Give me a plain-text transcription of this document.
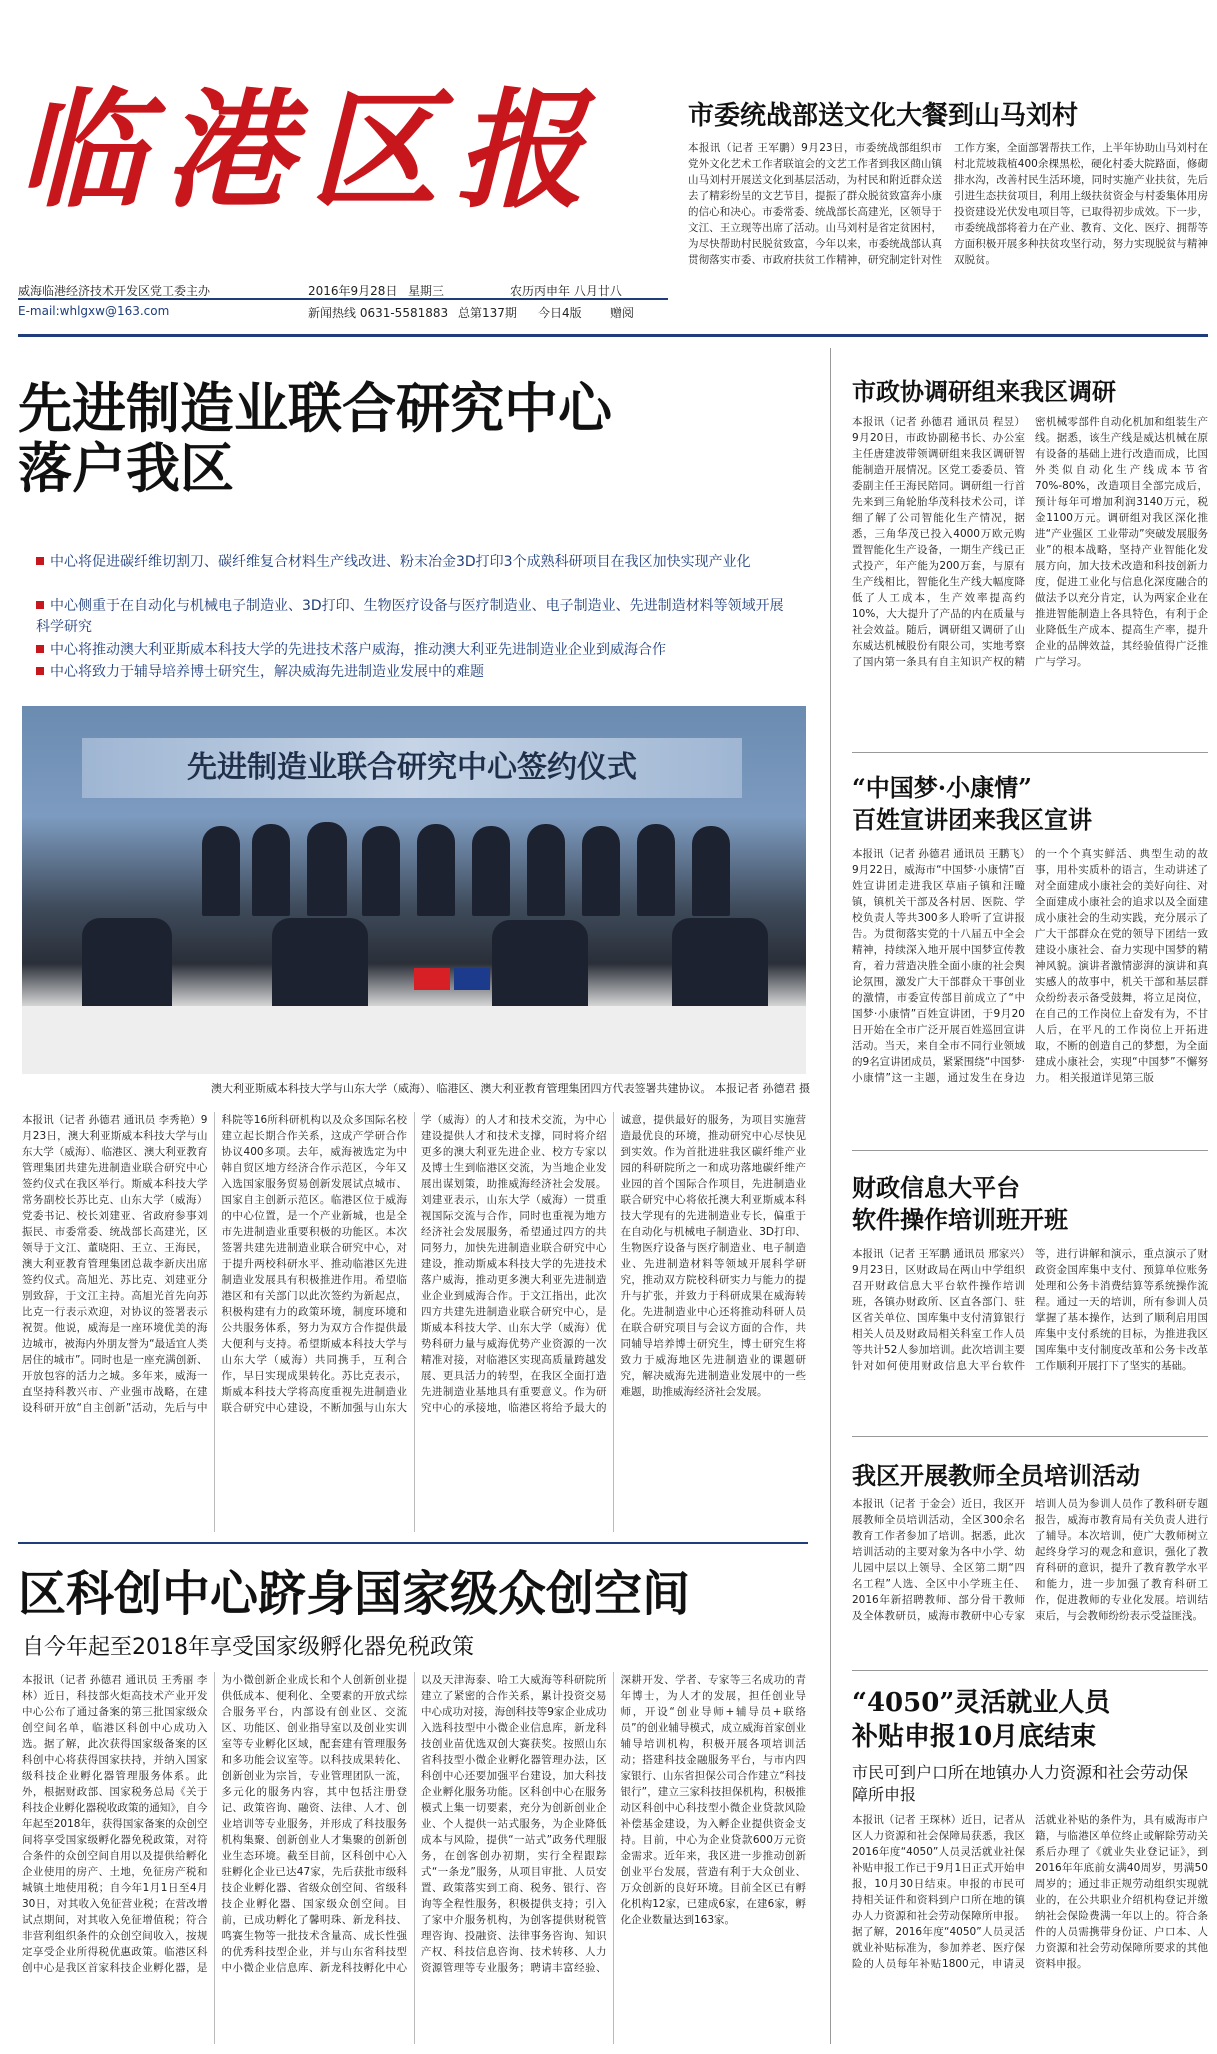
临港区报
威海临港经济技术开发区党工委主办
E-mail:whlgxw@163.com
2016年9月28日 星期三	农历丙申年 八月廿八
新闻热线 0631-5581883 总第137期 今日4版 赠阅
市委统战部送文化大餐到山马刘村
本报讯（记者 王军鹏）9月23日，市委统战部组织市党外文化艺术工作者联谊会的文艺工作者到我区蔄山镇山马刘村开展送文化到基层活动，为村民和附近群众送去了精彩纷呈的文艺节目，提振了群众脱贫致富奔小康的信心和决心。市委常委、统战部长高建光，区领导于文江、王立现等出席了活动。山马刘村是省定贫困村，为尽快帮助村民脱贫致富，今年以来，市委统战部认真贯彻落实市委、市政府扶贫工作精神，研究制定针对性工作方案，全面部署帮扶工作，上半年协助山马刘村在村北荒坡栽植400余棵黑松，硬化村委大院路面，修砌排水沟，改善村民生活环境，同时实施产业扶贫，先后引进生态扶贫项目，利用上级扶贫资金与村委集体用房投资建设光伏发电项目等，已取得初步成效。下一步，市委统战部将着力在产业、教育、文化、医疗、拥帮等方面积极开展多种扶贫攻坚行动，努力实现脱贫与精神双脱贫。
先进制造业联合研究中心
落户我区
中心将促进碳纤维切割刀、碳纤维复合材料生产线改进、粉末冶金3D打印3个成熟科研项目在我区加快实现产业化
中心侧重于在自动化与机械电子制造业、3D打印、生物医疗设备与医疗制造业、电子制造业、先进制造材料等领域开展科学研究
中心将推动澳大利亚斯威本科技大学的先进技术落户威海，推动澳大利亚先进制造业企业到威海合作
中心将致力于辅导培养博士研究生，解决威海先进制造业发展中的难题
先进制造业联合研究中心签约仪式
澳大利亚斯威本科技大学与山东大学（威海）、临港区、澳大利亚教育管理集团四方代表签署共建协议。 本报记者 孙德君 摄
本报讯（记者 孙德君 通讯员 李秀艳）9月23日，澳大利亚斯威本科技大学与山东大学（威海）、临港区、澳大利亚教育管理集团共建先进制造业联合研究中心签约仪式在我区举行。斯威本科技大学常务副校长苏比克、山东大学（威海）党委书记、校长刘建亚、省政府参事刘振民、市委常委、统战部长高建光，区领导于文江、董晓阳、王立、王海民，澳大利亚教育管理集团总裁李新庆出席签约仪式。高旭光、苏比克、刘建亚分别致辞，于文江主持。高旭光首先向苏比克一行表示欢迎，对协议的签署表示祝贺。他说，威海是一座环境优美的海边城市，被海内外朋友誉为“最适宜人类居住的城市”。同时也是一座充满创新、开放包容的活力之城。多年来，威海一直坚持科教兴市、产业强市战略，在建设科研开放“自主创新”活动，先后与中科院等16所科研机构以及众多国际名校建立起长期合作关系，这成产学研合作协议400多项。去年，威海被选定为中韩自贸区地方经济合作示范区，今年又入选国家服务贸易创新发展试点城市、国家自主创新示范区。临港区位于威海的中心位置，是一个产业新城，也是全市先进制造业重要积极的功能区。本次签署共建先进制造业联合研究中心，对于提升两校科研水平、推动临港区先进制造业发展具有积极推进作用。希望临港区和有关部门以此次签约为新起点，积极构建有力的政策环境，制度环境和公共服务体系，努力为双方合作提供最大便利与支持。希望斯威本科技大学与山东大学（威海）共同携手，互利合作，早日实现成果转化。苏比克表示，斯威本科技大学将高度重视先进制造业联合研究中心建设，不断加强与山东大学（威海）的人才和技术交流，为中心建设提供人才和技术支撑，同时将介绍更多的澳大利亚先进企业、校方专家以及博士生到临港区交流，为当地企业发展出谋划策，助推威海经济社会发展。刘建亚表示，山东大学（威海）一贯重视国际交流与合作，同时也重视为地方经济社会发展服务，希望通过四方的共同努力，加快先进制造业联合研究中心建设，推动斯威本科技大学的先进技术落户威海，推动更多澳大利亚先进制造业企业到威海合作。于文江指出，此次四方共建先进制造业联合研究中心，是斯威本科技大学、山东大学（威海）优势科研力量与威海优势产业资源的一次精准对接，对临港区实现高质量跨越发展、更具活力的转型，在我区全面打造先进制造业基地具有重要意义。作为研究中心的承接地，临港区将给予最大的诚意，提供最好的服务，为项目实施营造最优良的环境，推动研究中心尽快见到实效。作为首批进驻我区碳纤维产业园的科研院所之一和成功落地碳纤维产业园的首个国际合作项目，先进制造业联合研究中心将依托澳大利亚斯威本科技大学现有的先进制造业专长，偏重于在自动化与机械电子制造业、3D打印、生物医疗设备与医疗制造业、电子制造业、先进制造材料等领域开展科学研究，推动双方院校科研实力与能力的提升与扩张，并致力于科研成果在威海转化。先进制造业中心还将推动科研人员在联合研究项目与会议方面的合作，共同辅导培养博士研究生，博士研究生将致力于威海地区先进制造业的课题研究，解决威海先进制造业发展中的一些难题，助推威海经济社会发展。
区科创中心跻身国家级众创空间
自今年起至2018年享受国家级孵化器免税政策
本报讯（记者 孙德君 通讯员 王秀丽 李林）近日，科技部火炬高技术产业开发中心公布了通过备案的第三批国家级众创空间名单，临港区科创中心成功入选。据了解，此次获得国家级备案的区科创中心将获得国家扶持，并纳入国家级科技企业孵化器管理服务体系。此外，根据财政部、国家税务总局《关于科技企业孵化器税收政策的通知》，自今年起至2018年，获得国家备案的众创空间将享受国家级孵化器免税政策，对符合条件的众创空间自用以及提供给孵化企业使用的房产、土地，免征房产税和城镇土地使用税；自今年1月1日至4月30日，对其收入免征营业税；在营改增试点期间，对其收入免征增值税；符合非营利组织条件的众创空间收入，按规定享受企业所得税优惠政策。临港区科创中心是我区首家科技企业孵化器，是为小微创新企业成长和个人创新创业提供低成本、便利化、全要素的开放式综合服务平台，内部设有创业区、交流区、功能区、创业指导室以及创业实训室等专业孵化区域，配套建有管理服务和多功能会议室等。以科技成果转化、创新创业为宗旨，专业管理团队一流，多元化的服务内容，其中包括注册登记、政策咨询、融资、法律、人才、创业培训等专业服务，并形成了科技服务机构集聚、创新创业人才集聚的创新创业生态环境。截至目前，区科创中心入驻孵化企业已达47家，先后获批市级科技企业孵化器、省级众创空间、省级科技企业孵化器、国家级众创空间。目前，已成功孵化了馨明珠、新龙科技、鸣赛生物等一批技术含量高、成长性强的优秀科技型企业，并与山东省科技型中小微企业信息库、新龙科技孵化中心以及天津海泰、哈工大威海等科研院所建立了紧密的合作关系，累计投资交易中心成功对接，海创科技等9家企业成功入选科技型中小微企业信息库，新龙科技创业苗优选双创大赛获奖。按照山东省科技型小微企业孵化器管理办法，区科创中心还要加强平台建设，加大科技企业孵化服务功能。区科创中心在服务模式上集一切要素，充分为创新创业企业、个人提供一站式服务，为企业降低成本与风险，提供“一站式”政务代理服务，在创客创办初期，实行全程跟踪式“一条龙”服务，从项目审批、人员安置、政策落实到工商、税务、银行、咨询等全程性服务，积极提供支持；引入了家中介服务机构，为创客提供财税管理咨询、投融资、法律事务咨询、知识产权、科技信息咨询、技术转移、人力资源管理等专业服务；聘请丰富经验、深耕开发、学者、专家等三名成功的青年博士，为人才的发展，担任创业导师，开设“创业导师+辅导员+联络员”的创业辅导模式，成立威海首家创业辅导培训机构，积极开展各项培训活动；搭建科技金融服务平台，与市内四家银行、山东省担保公司合作建立“科技银行”，建立三家科技担保机构，积极推动区科创中心科技型小微企业贷款风险补偿基金建设，为入孵企业提供资金支持。目前，中心为企业贷款600万元资金需求。近年来，我区进一步推动创新创业平台发展，营造有利于大众创业、万众创新的良好环境。目前全区已有孵化机构12家，已建成6家，在建6家，孵化企业数量达到163家。
市政协调研组来我区调研
本报讯（记者 孙德君 通讯员 程昱）9月20日，市政协副秘书长、办公室主任唐建波带领调研组来我区调研智能制造开展情况。区党工委委员、管委副主任王海民陪同。调研组一行首先来到三角轮胎华茂科技术公司，详细了解了公司智能化生产情况，据悉，三角华茂已投入4000万欧元购置智能化生产设备，一期生产线已正式投产，年产能为200万套，与原有生产线相比，智能化生产线大幅度降低了人工成本，生产效率提高约10%，大大提升了产品的内在质量与社会效益。随后，调研组又调研了山东威达机械股份有限公司，实地考察了国内第一条具有自主知识产权的精密机械零部件自动化机加和组装生产线。据悉，该生产线是威达机械在原有设备的基础上进行改造而成，比国外类似自动化生产线成本节省70%-80%，改造项目全部完成后，预计每年可增加利润3140万元，税金1100万元。调研组对我区深化推进“产业强区 工业带动”突破发展服务业”的根本战略，坚持产业智能化发展方向，加大技术改造和科技创新力度，促进工业化与信息化深度融合的做法予以充分肯定，认为两家企业在推进智能制造上各具特色，有利于企业降低生产成本、提高生产率，提升企业的品牌效益，其经验值得广泛推广与学习。
“中国梦·小康情”
百姓宣讲团来我区宣讲
本报讯（记者 孙德君 通讯员 王鹏飞）9月22日，威海市“中国梦·小康情”百姓宣讲团走进我区草庙子镇和汪疃镇，镇机关干部及各村居、医院、学校负责人等共300多人聆听了宣讲报告。为贯彻落实党的十八届五中全会精神，持续深入地开展中国梦宣传教育，着力营造决胜全面小康的社会舆论氛围，激发广大干部群众干事创业的激情，市委宣传部目前成立了“中国梦·小康情”百姓宣讲团，于9月20日开始在全市广泛开展百姓巡回宣讲活动。当天，来自全市不同行业领域的9名宣讲团成员，紧紧围绕“中国梦·小康情”这一主题，通过发生在身边的一个个真实鲜活、典型生动的故事，用朴实质朴的语言，生动讲述了对全面建成小康社会的美好向往、对全面建成小康社会的追求以及全面建成小康社会的生动实践，充分展示了广大干部群众在党的领导下团结一致建设小康社会、奋力实现中国梦的精神风貌。演讲者激情澎湃的演讲和真实感人的故事中，机关干部和基层群众纷纷表示备受鼓舞，将立足岗位，在自己的工作岗位上奋发有为，不甘人后，在平凡的工作岗位上开拓进取，不断的创造自己的梦想，为全面建成小康社会，实现“中国梦”不懈努力。 相关报道详见第三版
财政信息大平台
软件操作培训班开班
本报讯（记者 王军鹏 通讯员 邢家兴）9月23日，区财政局在两山中学组织召开财政信息大平台软件操作培训班，各镇办财政所、区直各部门、驻区省关单位、国库集中支付清算银行相关人员及财政局相关科室工作人员等共计52人参加培训。此次培训主要针对如何使用财政信息大平台软件等，进行讲解和演示，重点演示了财政资金国库集中支付、预算单位账务处理和公务卡消费结算等系统操作流程。通过一天的培训，所有参训人员掌握了基本操作，达到了顺利启用国库集中支付系统的目标，为推进我区国库集中支付制度改革和公务卡改革工作顺利开展打下了坚实的基础。
我区开展教师全员培训活动
本报讯（记者 于金会）近日，我区开展教师全员培训活动，全区300余名教育工作者参加了培训。据悉，此次培训活动的主要对象为各中小学、幼儿园中层以上领导、全区第二期“四名工程”人选、全区中小学班主任、2016年新招聘教师、部分骨干教师及全体教研员，威海市教研中心专家培训人员为参训人员作了教科研专题报告，威海市教育局有关负责人进行了辅导。本次培训，使广大教师树立起终身学习的观念和意识，强化了教育科研的意识，提升了教育教学水平和能力，进一步加强了教育科研工作，促进教师的专业化发展。培训结束后，与会教师纷纷表示受益匪浅。
“4050”灵活就业人员
补贴申报10月底结束
市民可到户口所在地镇办人力资源和社会劳动保障所申报
本报讯（记者 王琛林）近日，记者从区人力资源和社会保障局获悉，我区2016年度“4050”人员灵活就业社保补贴申报工作已于9月1日正式开始申报，10月30日结束。申报的市民可持相关证件和资料到户口所在地的镇办人力资源和社会劳动保障所申报。据了解，2016年度“4050”人员灵活就业补贴标准为，参加养老、医疗保险的人员每年补贴1800元，申请灵活就业补贴的条件为，具有威海市户籍，与临港区单位终止或解除劳动关系后办理了《就业失业登记证》，到2016年年底前女满40周岁，男满50周岁的；通过非正规劳动组织实现就业的，在公共职业介绍机构登记并缴纳社会保险费满一年以上的。符合条件的人员需携带身份证、户口本、人力资源和社会劳动保障所要求的其他资料申报。
